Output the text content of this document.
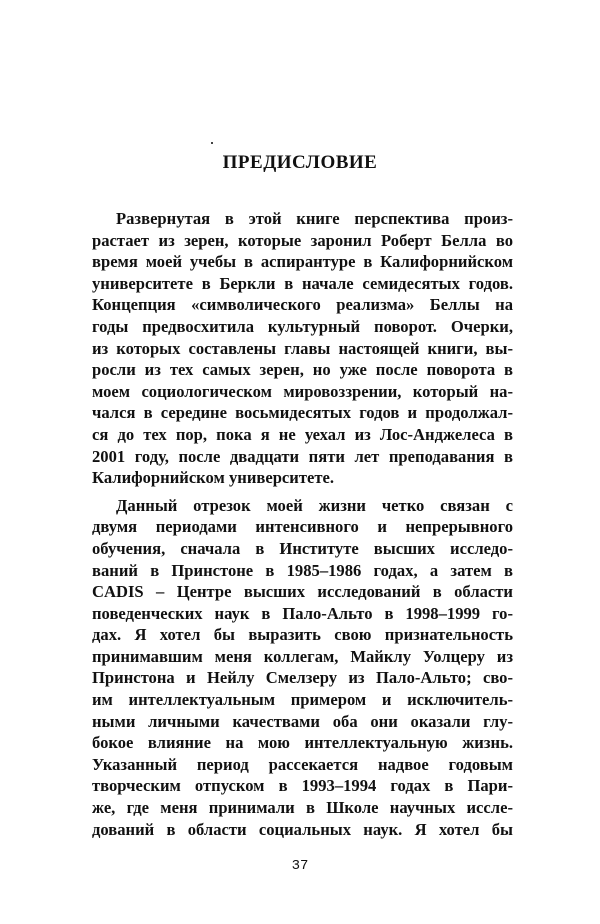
ПРЕДИСЛОВИЕ
Развернутая в этой книге перспектива произ-
растает из зерен, которые заронил Роберт Белла во
время моей учебы в аспирантуре в Калифорнийском
университете в Беркли в начале семидесятых годов.
Концепция «символического реализма» Беллы на
годы предвосхитила культурный поворот. Очерки,
из которых составлены главы настоящей книги, вы-
росли из тех самых зерен, но уже после поворота в
моем социологическом мировоззрении, который на-
чался в середине восьмидесятых годов и продолжал-
ся до тех пор, пока я не уехал из Лос-Анджелеса в
2001 году, после двадцати пяти лет преподавания в
Калифорнийском университете.
Данный отрезок моей жизни четко связан с
двумя периодами интенсивного и непрерывного
обучения, сначала в Институте высших исследо-
ваний в Принстоне в 1985–1986 годах, а затем в
CADIS – Центре высших исследований в области
поведенческих наук в Пало-Альто в 1998–1999 го-
дах. Я хотел бы выразить свою признательность
принимавшим меня коллегам, Майклу Уолцеру из
Принстона и Нейлу Смелзеру из Пало-Альто; сво-
им интеллектуальным примером и исключитель-
ными личными качествами оба они оказали глу-
бокое влияние на мою интеллектуальную жизнь.
Указанный период рассекается надвое годовым
творческим отпуском в 1993–1994 годах в Пари-
же, где меня принимали в Школе научных иссле-
дований в области социальных наук. Я хотел бы
37
